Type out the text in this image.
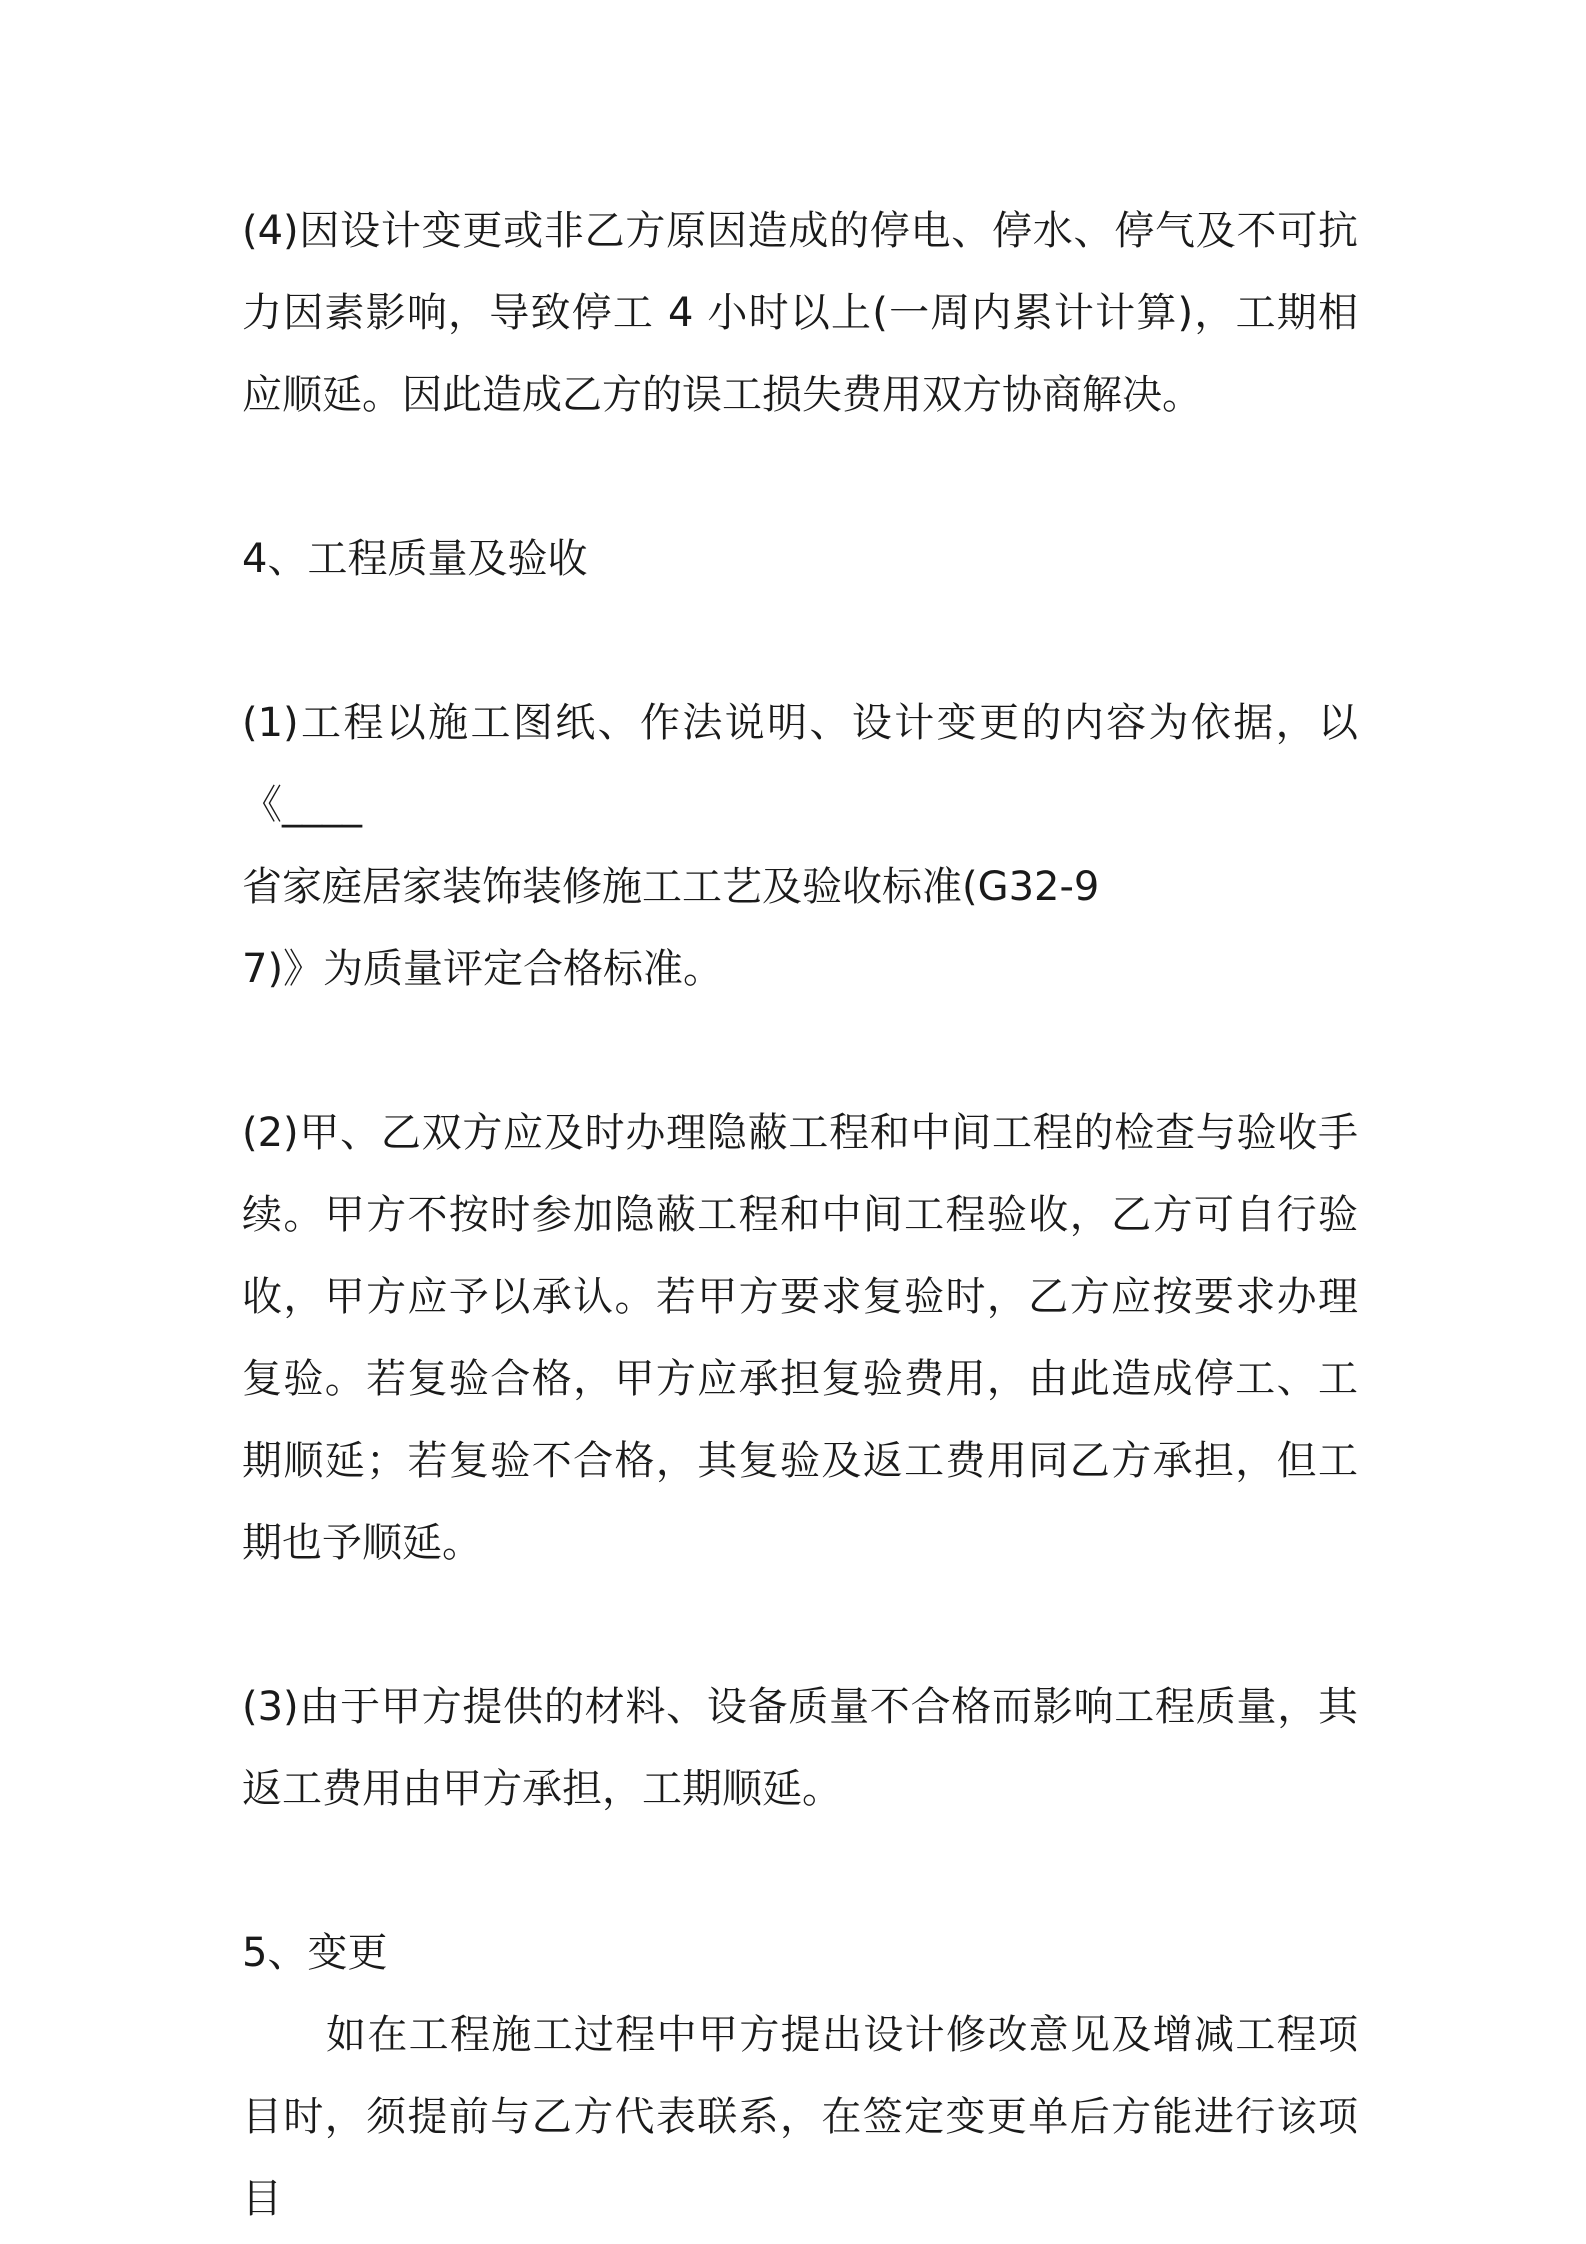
(4)因设计变更或非乙方原因造成的停电、停水、停气及不可抗力因素影响，导致停工 4 小时以上(一周内累计计算)，工期相应顺延。因此造成乙方的误工损失费用双方协商解决。

4、工程质量及验收

(1)工程以施工图纸、作法说明、设计变更的内容为依据，以《____
省家庭居家装饰装修施工工艺及验收标准(G32-9
7)》为质量评定合格标准。

(2)甲、乙双方应及时办理隐蔽工程和中间工程的检查与验收手续。甲方不按时参加隐蔽工程和中间工程验收，乙方可自行验收，甲方应予以承认。若甲方要求复验时，乙方应按要求办理复验。若复验合格，甲方应承担复验费用，由此造成停工、工期顺延；若复验不合格，其复验及返工费用同乙方承担，但工期也予顺延。

(3)由于甲方提供的材料、设备质量不合格而影响工程质量，其返工费用由甲方承担，工期顺延。

5、变更

如在工程施工过程中甲方提出设计修改意见及增减工程项目时，须提前与乙方代表联系，在签定变更单后方能进行该项目
